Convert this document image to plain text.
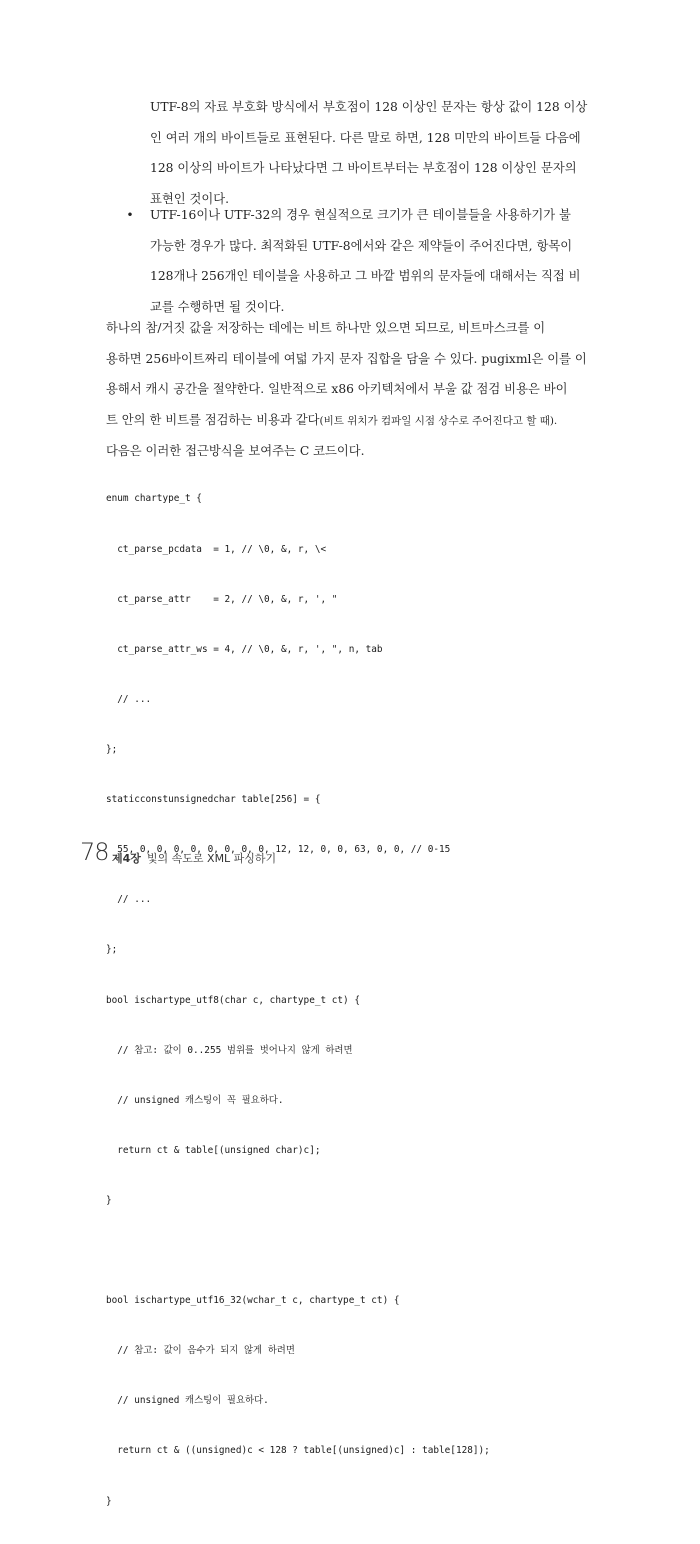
UTF-8의 자료 부호화 방식에서 부호점이 128 이상인 문자는 항상 값이 128 이상
인 여러 개의 바이트들로 표현된다. 다른 말로 하면, 128 미만의 바이트들 다음에
128 이상의 바이트가 나타났다면 그 바이트부터는 부호점이 128 이상인 문자의
표현인 것이다.
•	UTF-16이나 UTF-32의 경우 현실적으로 크기가 큰 테이블들을 사용하기가 불
가능한 경우가 많다. 최적화된 UTF-8에서와 같은 제약들이 주어진다면, 항목이
128개나 256개인 테이블을 사용하고 그 바깥 범위의 문자들에 대해서는 직접 비
교를 수행하면 될 것이다.
하나의 참/거짓 값을 저장하는 데에는 비트 하나만 있으면 되므로, 비트마스크를 이
용하면 256바이트짜리 테이블에 여덟 가지 문자 집합을 담을 수 있다. pugixml은 이를 이
용해서 캐시 공간을 절약한다. 일반적으로 x86 아키텍처에서 부울 값 점검 비용은 바이
트 안의 한 비트를 점검하는 비용과 같다(비트 위치가 컴파일 시점 상수로 주어진다고 할 때).
다음은 이러한 접근방식을 보여주는 C 코드이다.

enum chartype_t {

ct_parse_pcdata  = 1, // \0, &, r, \<

ct_parse_attr    = 2, // \0, &, r, ', "

ct_parse_attr_ws = 4, // \0, &, r, ', ", n, tab

// ...

};

staticconstunsignedchar table[256] = {

55, 0, 0, 0, 0, 0, 0, 0, 0, 12, 12, 0, 0, 63, 0, 0, // 0-15

// ...

};

bool ischartype_utf8(char c, chartype_t ct) {

// 참고: 값이 0..255 범위를 벗어나지 않게 하려면

// unsigned 캐스팅이 꼭 필요하다.

return ct & table[(unsigned char)c];

}

bool ischartype_utf16_32(wchar_t c, chartype_t ct) {

// 참고: 값이 음수가 되지 않게 하려면

// unsigned 캐스팅이 필요하다.

return ct & ((unsigned)c < 128 ? table[(unsigned)c] : table[128]);

}

78 제4장 빛의 속도로 XML 파싱하기
